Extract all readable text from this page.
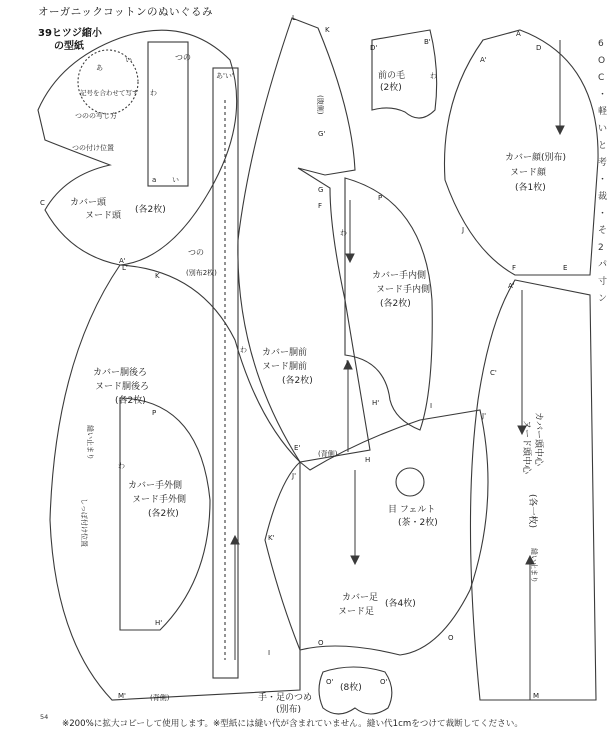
オーガニックコットンのぬいぐるみ
39ヒツジ縮小
の型紙
カバー頭
ヌード頭
(各2枚)
つの
つの
(別布2枚)
あ
い
記号を合わせて写す
つのの写し方
つの付け位置
あ'い'
カバー顔(別布)
ヌード顔
(各1枚)
前の毛
(2枚)
カバー手内側
ヌード手内側
(各2枚)
カバー胴前
ヌード胴前
(各2枚)
カバー胴後ろ
ヌード胴後ろ
(各2枚)
カバー手外側
ヌード手外側
(各2枚)	目 フェルト
(茶・2枚)
カバー足
ヌード足
(各4枚)
手・足のつめ
(別布)
(8枚)
カバー頭中心
ヌード頭中心
(各一枚)
縫い止まり
しっぽ付け位置
縫い止まり
(背側)
(背側)
(腹側)
わ
わ
わ
わ
わ
A
A'
A'
A'
B'
C
C'
D
D'
E
E'
F
F
G
G'
H
H'
H'
I
I
I
J
J'
J'
K
K
K'
L
L'
M
M'
O
O
O'	O'
P
P
a い
6 O C ・ 軽 い と 考 ・ 裁 ・ そ 2 パ 寸 ン
54
※200%に拡大コピーして使用します。※型紙には縫い代が含まれていません。縫い代1cmをつけて裁断してください。
